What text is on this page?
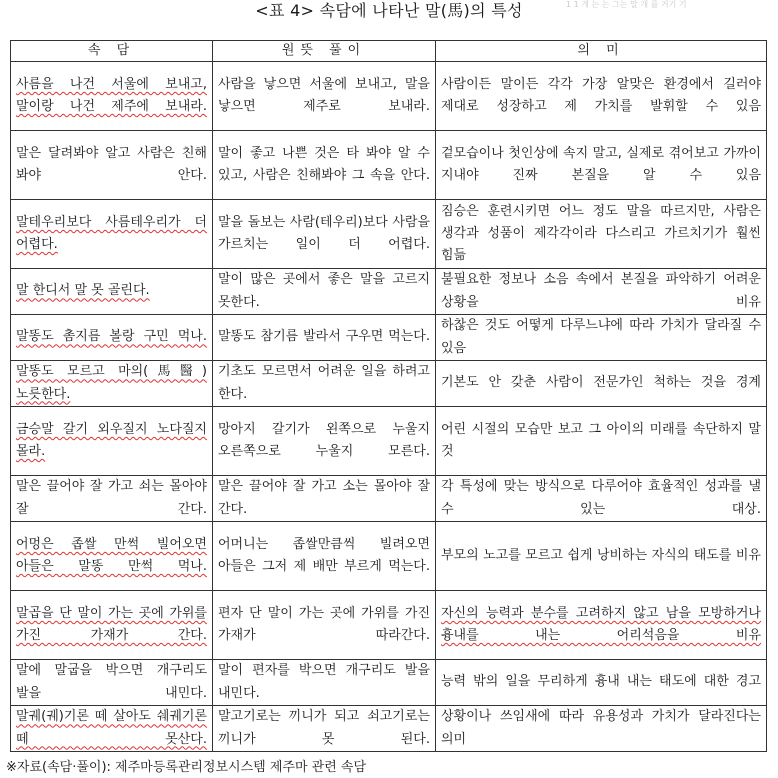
<표 4> 속담에 나타난 말(馬)의 특성	1 1 개 는 는 그는 말 개 를 거기 기
속 담	원뜻 풀이	의 미
사름을 나건 서울에 보내고, 말이랑 나건 제주에 보내라.	사람을 낳으면 서울에 보내고, 말을 낳으면 제주로 보내라.	사람이든 말이든 각각 가장 알맞은 환경에서 길러야 제대로 성장하고 제 가치를 발휘할 수 있음
말은 달려봐야 알고 사람은 친해 봐야 안다.	말이 좋고 나쁜 것은 타 봐야 알 수 있고, 사람은 친해봐야 그 속을 안다.	겉모습이나 첫인상에 속지 말고, 실제로 겪어보고 가까이 지내야 진짜 본질을 알 수 있음
말테우리보다 사름테우리가 더 어렵다.	말을 돌보는 사람(테우리)보다 사람을 가르치는 일이 더 어렵다.	짐승은 훈련시키면 어느 정도 말을 따르지만, 사람은 생각과 성품이 제각각이라 다스리고 가르치기가 훨씬 힘듦
말 한디서 말 못 골린다.	말이 많은 곳에서 좋은 말을 고르지 못한다.	불필요한 정보나 소음 속에서 본질을 파악하기 어려운 상황을 비유
말똥도 촘지름 볼랑 구민 먹나.	말똥도 참기름 발라서 구우면 먹는다.	하찮은 것도 어떻게 다루느냐에 따라 가치가 달라질 수 있음
말똥도 모르고 마의(馬醫) 노릇한다.	기초도 모르면서 어려운 일을 하려고 한다.	기본도 안 갖춘 사람이 전문가인 척하는 것을 경계
금승말 갈기 외우질지 노다질지 몰라.	망아지 갈기가 왼쪽으로 누울지 오른쪽으로 누울지 모른다.	어린 시절의 모습만 보고 그 아이의 미래를 속단하지 말 것
말은 끌어야 잘 가고 쇠는 몰아야 잘 간다.	말은 끌어야 잘 가고 소는 몰아야 잘 간다.	각 특성에 맞는 방식으로 다루어야 효율적인 성과를 낼 수 있는 대상.
어멍은 좁쌀 만썩 빌어오면 아들은 말똥 만썩 먹나.	어머니는 좁쌀만큼씩 빌려오면 아들은 그저 제 배만 부르게 먹는다.	부모의 노고를 모르고 쉽게 낭비하는 자식의 태도를 비유
말곱을 단 말이 가는 곳에 가위를 가진 가재가 간다.	편자 단 말이 가는 곳에 가위를 가진 가재가 따라간다.	자신의 능력과 분수를 고려하지 않고 남을 모방하거나 흉내를 내는 어리석음을 비유
말에 말굽을 박으면 개구리도 발을 내민다.	말이 편자를 박으면 개구리도 발을 내민다.	능력 밖의 일을 무리하게 흉내 내는 태도에 대한 경고
말궤(궤)기론 떼 살아도 쉐궤기론 떼 못산다.	말고기로는 끼니가 되고 쇠고기로는 끼니가 못 된다.	상황이나 쓰임새에 따라 유용성과 가치가 달라진다는 의미
※자료(속담·풀이): 제주마등록관리정보시스템 제주마 관련 속담
